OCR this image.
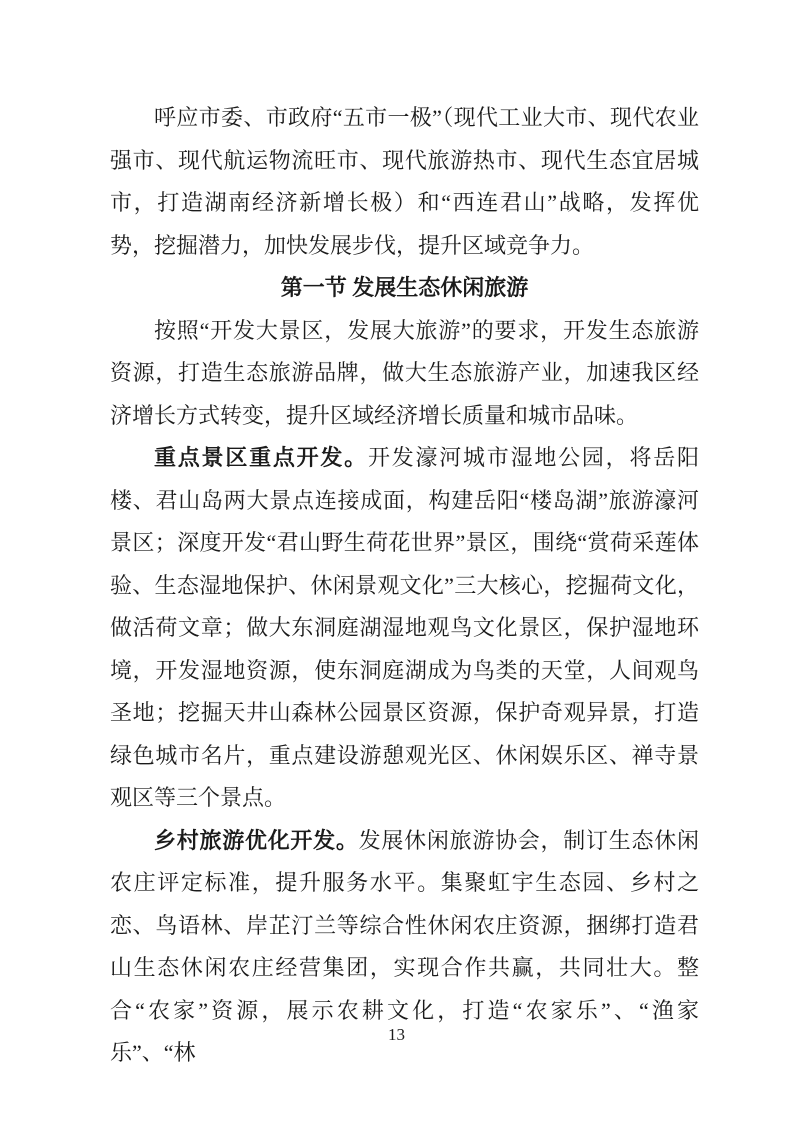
呼应市委、市政府“五市一极”（现代工业大市、现代农业强市、现代航运物流旺市、现代旅游热市、现代生态宜居城市，打造湖南经济新增长极）和“西连君山”战略，发挥优势，挖掘潜力，加快发展步伐，提升区域竞争力。

第一节 发展生态休闲旅游

按照“开发大景区，发展大旅游”的要求，开发生态旅游资源，打造生态旅游品牌，做大生态旅游产业，加速我区经济增长方式转变，提升区域经济增长质量和城市品味。

重点景区重点开发。开发濠河城市湿地公园，将岳阳楼、君山岛两大景点连接成面，构建岳阳“楼岛湖”旅游濠河景区；深度开发“君山野生荷花世界”景区，围绕“赏荷采莲体验、生态湿地保护、休闲景观文化”三大核心，挖掘荷文化，做活荷文章；做大东洞庭湖湿地观鸟文化景区，保护湿地环境，开发湿地资源，使东洞庭湖成为鸟类的天堂，人间观鸟圣地；挖掘天井山森林公园景区资源，保护奇观异景，打造绿色城市名片，重点建设游憩观光区、休闲娱乐区、禅寺景观区等三个景点。

乡村旅游优化开发。发展休闲旅游协会，制订生态休闲农庄评定标准，提升服务水平。集聚虹宇生态园、乡村之恋、鸟语林、岸芷汀兰等综合性休闲农庄资源，捆绑打造君山生态休闲农庄经营集团，实现合作共赢，共同壮大。整合“农家”资源，展示农耕文化，打造“农家乐”、“渔家乐”、“林

13
